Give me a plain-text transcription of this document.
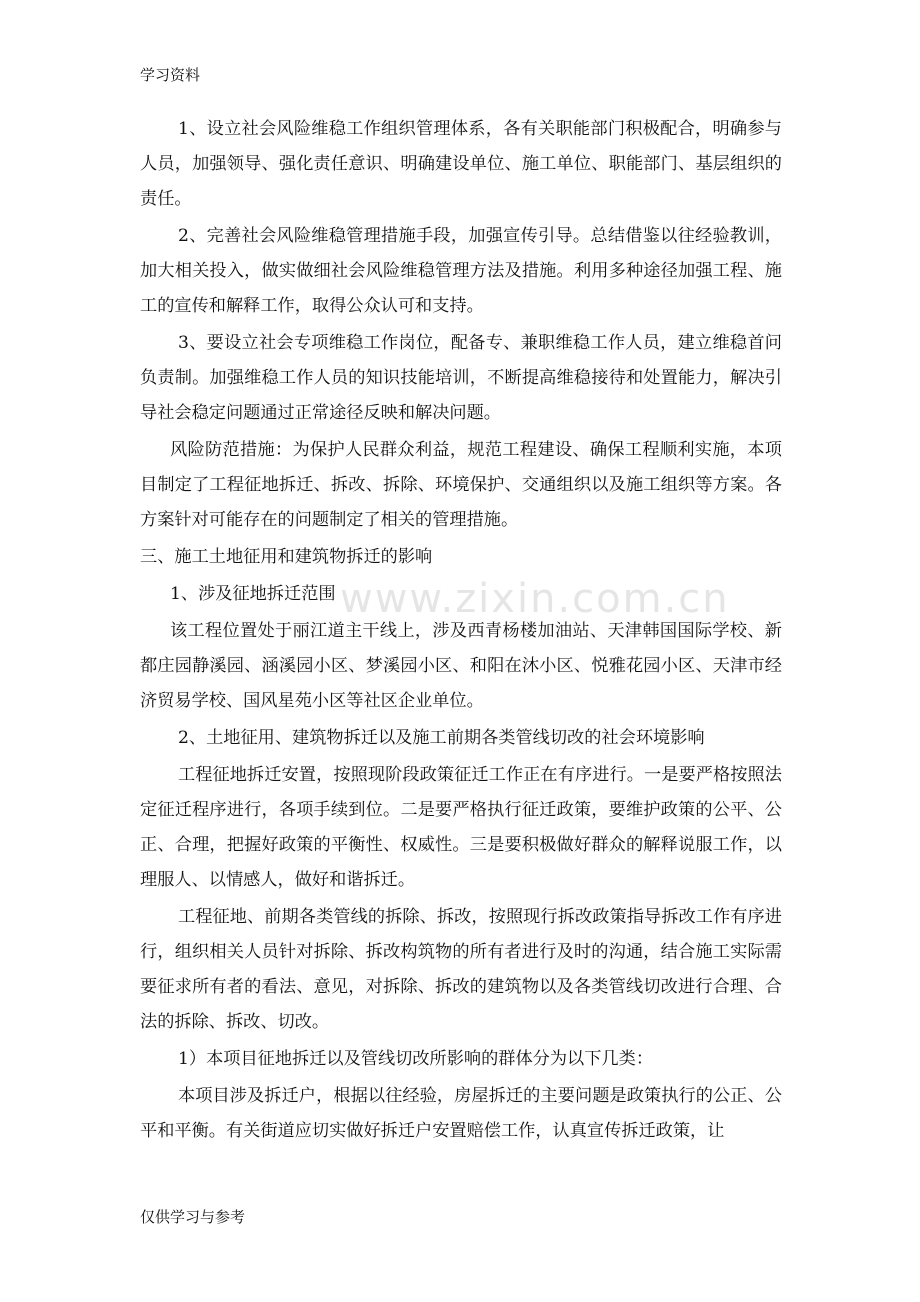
学习资料
www.zixin.com.cn

1、设立社会风险维稳工作组织管理体系，各有关职能部门积极配合，明确参与人员，加强领导、强化责任意识、明确建设单位、施工单位、职能部门、基层组织的责任。

2、完善社会风险维稳管理措施手段，加强宣传引导。总结借鉴以往经验教训，加大相关投入，做实做细社会风险维稳管理方法及措施。利用多种途径加强工程、施工的宣传和解释工作，取得公众认可和支持。

3、要设立社会专项维稳工作岗位，配备专、兼职维稳工作人员，建立维稳首问负责制。加强维稳工作人员的知识技能培训，不断提高维稳接待和处置能力，解决引导社会稳定问题通过正常途径反映和解决问题。

风险防范措施：为保护人民群众利益，规范工程建设、确保工程顺利实施，本项目制定了工程征地拆迁、拆改、拆除、环境保护、交通组织以及施工组织等方案。各方案针对可能存在的问题制定了相关的管理措施。

三、施工土地征用和建筑物拆迁的影响

1、涉及征地拆迁范围

该工程位置处于丽江道主干线上，涉及西青杨楼加油站、天津韩国国际学校、新都庄园静溪园、涵溪园小区、梦溪园小区、和阳在沐小区、悦雅花园小区、天津市经济贸易学校、国风星苑小区等社区企业单位。

2、土地征用、建筑物拆迁以及施工前期各类管线切改的社会环境影响

工程征地拆迁安置，按照现阶段政策征迁工作正在有序进行。一是要严格按照法定征迁程序进行，各项手续到位。二是要严格执行征迁政策，要维护政策的公平、公正、合理，把握好政策的平衡性、权威性。三是要积极做好群众的解释说服工作，以理服人、以情感人，做好和谐拆迁。

工程征地、前期各类管线的拆除、拆改，按照现行拆改政策指导拆改工作有序进行，组织相关人员针对拆除、拆改构筑物的所有者进行及时的沟通，结合施工实际需要征求所有者的看法、意见，对拆除、拆改的建筑物以及各类管线切改进行合理、合法的拆除、拆改、切改。

1）本项目征地拆迁以及管线切改所影响的群体分为以下几类：

本项目涉及拆迁户，根据以往经验，房屋拆迁的主要问题是政策执行的公正、公平和平衡。有关街道应切实做好拆迁户安置赔偿工作，认真宣传拆迁政策，让

仅供学习与参考
